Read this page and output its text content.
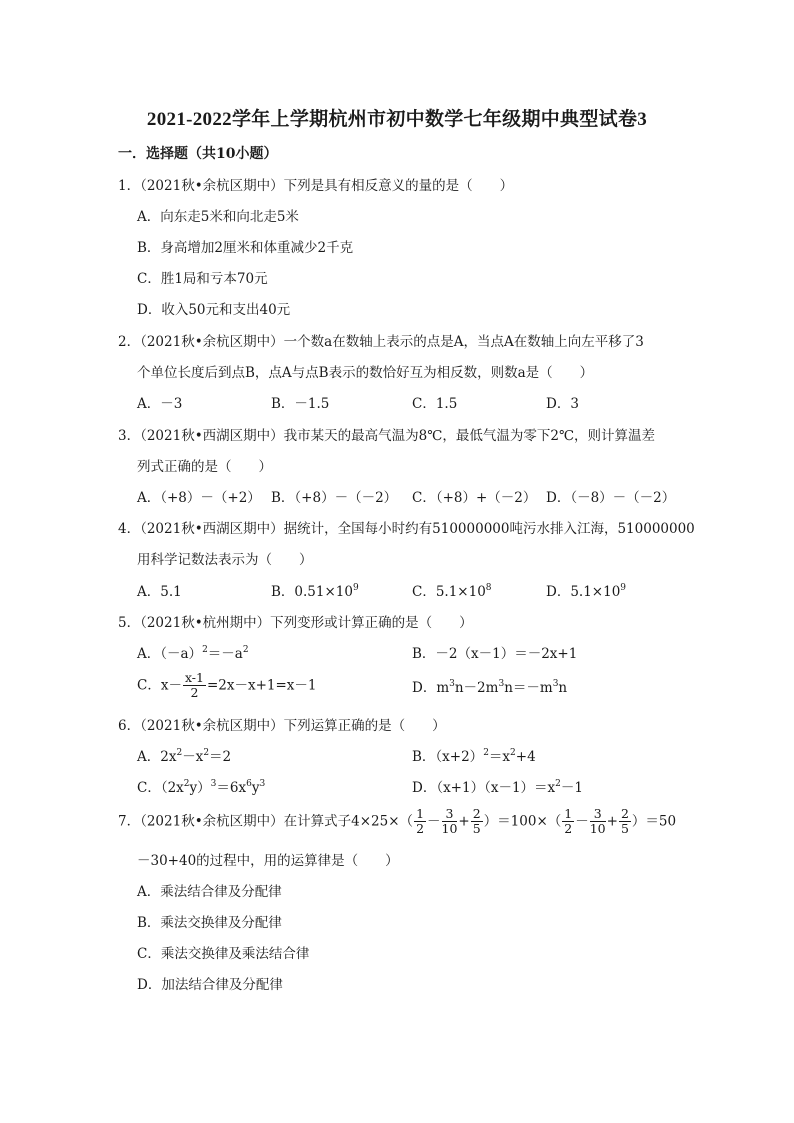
2021-2022学年上学期杭州市初中数学七年级期中典型试卷3
一．选择题（共10小题）
1．（2021秋•余杭区期中）下列是具有相反意义的量的是（　　）
A．向东走5米和向北走5米
B．身高增加2厘米和体重减少2千克
C．胜1局和亏本70元
D．收入50元和支出40元
2．（2021秋•余杭区期中）一个数a在数轴上表示的点是A，当点A在数轴上向左平移了3
个单位长度后到点B，点A与点B表示的数恰好互为相反数，则数a是（　　）
A．－3	B．－1.5	C．1.5	D．3
3．（2021秋•西湖区期中）我市某天的最高气温为8℃，最低气温为零下2℃，则计算温差
列式正确的是（　　）
A．（+8）－（+2） B．（+8）－（－2） C．（+8）+（－2） D．（－8）－（－2）
4．（2021秋•西湖区期中）据统计，全国每小时约有510000000吨污水排入江海，510000000
用科学记数法表示为（　　）
A．5.1	B．$0.51\times 10^9$	C．$5.1\times 10^8$	D．$5.1\times 10^9$
5．（2021秋•杭州期中）下列变形或计算正确的是（　　）
A．$(-a)^2=-a^2$	B．－2（x－1）＝－2x+1
C．$x- \frac{x-1}{2} =2x-x+1=x-1$	D．$m^3n-2m^3n=-m^3n$
6．（2021秋•余杭区期中）下列运算正确的是（　　）
A．$2x^2-x^2=2$	B．$(x+2)^2=x^2+4$
C．$(2x^2y)^3=6x^6y^3$	D．$(x+1)(x-1)=x^2-1$
7．（2021秋•余杭区期中）在计算式子$4\times 25\times( \frac{1}{2} - \frac{3}{10} + \frac{2}{5} )=100\times( \frac{1}{2} - \frac{3}{10} + \frac{2}{5} )=50$
－30+40的过程中，用的运算律是（　　）
A．乘法结合律及分配律
B．乘法交换律及分配律
C．乘法交换律及乘法结合律
D．加法结合律及分配律
